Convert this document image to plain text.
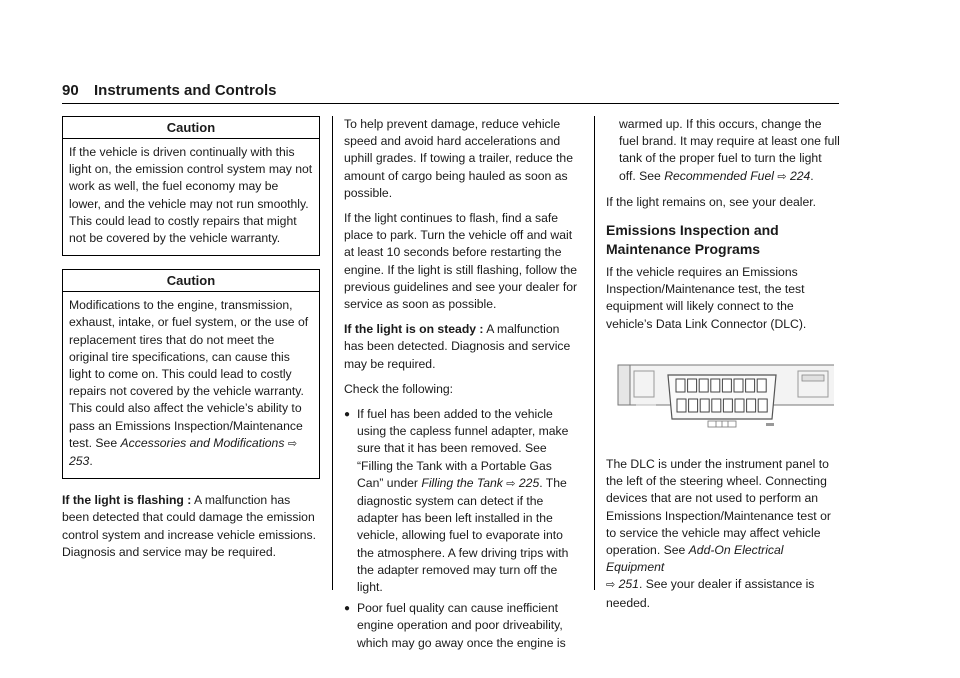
90 Instruments and Controls
Caution

If the vehicle is driven continually with this light on, the emission control system may not work as well, the fuel economy may be lower, and the vehicle may not run smoothly. This could lead to costly repairs that might not be covered by the vehicle warranty.

Caution

Modifications to the engine, transmission, exhaust, intake, or fuel system, or the use of replacement tires that do not meet the original tire specifications, can cause this light to come on. This could lead to costly repairs not covered by the vehicle warranty. This could also affect the vehicle’s ability to pass an Emissions Inspection/Maintenance test. See Accessories and Modifications ⇨ 253.

If the light is flashing : A malfunction has been detected that could damage the emission control system and increase vehicle emissions. Diagnosis and service may be required.

To help prevent damage, reduce vehicle speed and avoid hard accelerations and uphill grades. If towing a trailer, reduce the amount of cargo being hauled as soon as possible.

If the light continues to flash, find a safe place to park. Turn the vehicle off and wait at least 10 seconds before restarting the engine. If the light is still flashing, follow the previous guidelines and see your dealer for service as soon as possible.

If the light is on steady : A malfunction has been detected. Diagnosis and service may be required.

Check the following:

● If fuel has been added to the vehicle using the capless funnel adapter, make sure that it has been removed. See “Filling the Tank with a Portable Gas Can” under Filling the Tank ⇨ 225. The diagnostic system can detect if the adapter has been left installed in the vehicle, allowing fuel to evaporate into the atmosphere. A few driving trips with the adapter removed may turn off the light.
● Poor fuel quality can cause inefficient engine operation and poor driveability, which may go away once the engine is

warmed up. If this occurs, change the fuel brand. It may require at least one full tank of the proper fuel to turn the light off. See Recommended Fuel ⇨ 224.

If the light remains on, see your dealer.

Emissions Inspection and Maintenance Programs

If the vehicle requires an Emissions Inspection/Maintenance test, the test equipment will likely connect to the vehicle’s Data Link Connector (DLC).

The DLC is under the instrument panel to the left of the steering wheel. Connecting devices that are not used to perform an Emissions Inspection/Maintenance test or to service the vehicle may affect vehicle operation. See Add-On Electrical Equipment
⇨ 251. See your dealer if assistance is needed.
